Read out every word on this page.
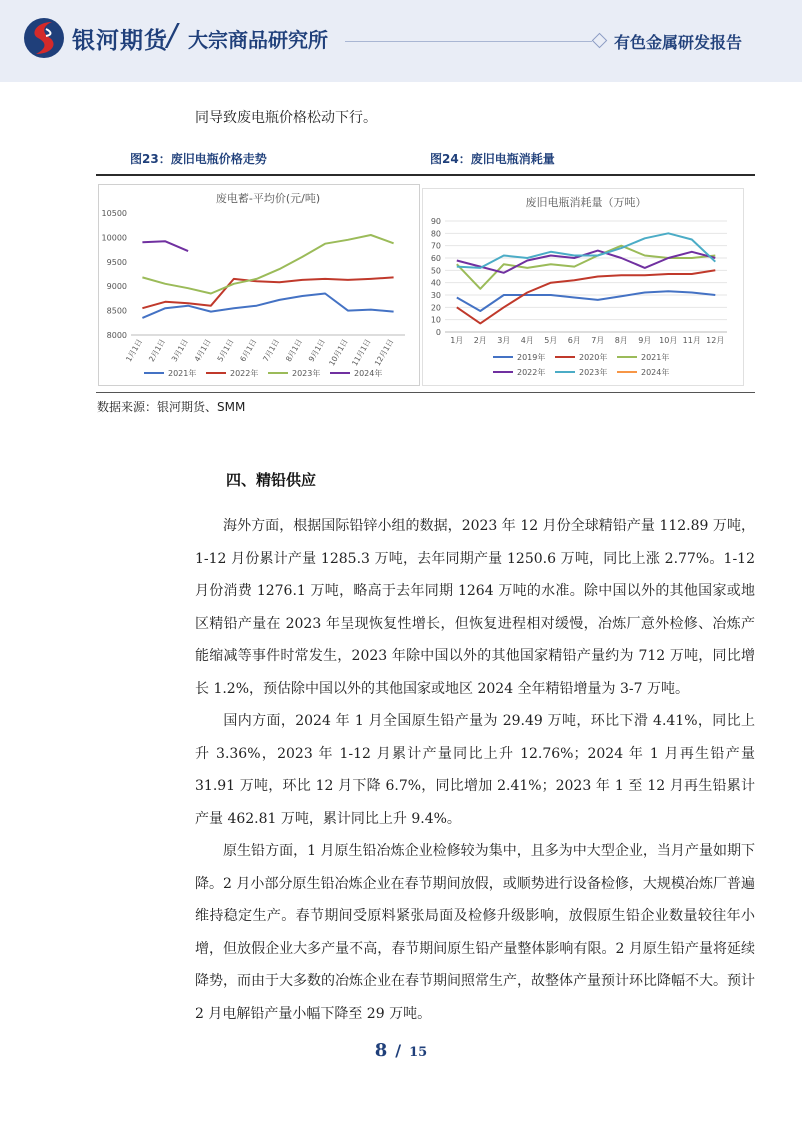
银河期货 / 大宗商品研究所	有色金属研发报告
同导致废电瓶价格松动下行。
图23：废旧电瓶价格走势	图24：废旧电瓶消耗量
废电蓄-平均价(元/吨)
10500
10000
9500
9000
8500
8000
1月1日 2月1日 3月1日 4月1日 5月1日 6月1日 7月1日 8月1日 9月1日 10月1日 11月1日 12月1日
2021年	2022年	2023年	2024年
废旧电瓶消耗量（万吨）
90
80
70
60
50
40
30
20
10
0
1月 2月 3月 4月 5月 6月 7月 8月 9月 10月 11月 12月
2019年	2020年	2021年
2022年	2023年	2024年
数据来源：银河期货、SMM
四、精铅供应

海外方面，根据国际铅锌小组的数据，2023 年 12 月份全球精铅产量 112.89 万吨，1-12 月份累计产量 1285.3 万吨，去年同期产量 1250.6 万吨，同比上涨 2.77%。1-12 月份消费 1276.1 万吨，略高于去年同期 1264 万吨的水准。除中国以外的其他国家或地区精铅产量在 2023 年呈现恢复性增长，但恢复进程相对缓慢，冶炼厂意外检修、冶炼产能缩减等事件时常发生，2023 年除中国以外的其他国家精铅产量约为 712 万吨，同比增长 1.2%，预估除中国以外的其他国家或地区 2024 全年精铅增量为 3-7 万吨。

国内方面，2024 年 1 月全国原生铅产量为 29.49 万吨，环比下滑 4.41%，同比上升 3.36%，2023 年 1-12 月累计产量同比上升 12.76%；2024 年 1 月再生铅产量 31.91 万吨，环比 12 月下降 6.7%，同比增加 2.41%；2023 年 1 至 12 月再生铅累计产量 462.81 万吨，累计同比上升 9.4%。

原生铅方面，1 月原生铅冶炼企业检修较为集中，且多为中大型企业，当月产量如期下降。2 月小部分原生铅冶炼企业在春节期间放假，或顺势进行设备检修，大规模冶炼厂普遍维持稳定生产。春节期间受原料紧张局面及检修升级影响，放假原生铅企业数量较往年小增，但放假企业大多产量不高，春节期间原生铅产量整体影响有限。2 月原生铅产量将延续降势，而由于大多数的冶炼企业在春节期间照常生产，故整体产量预计环比降幅不大。预计 2 月电解铅产量小幅下降至 29 万吨。

8 / 15
